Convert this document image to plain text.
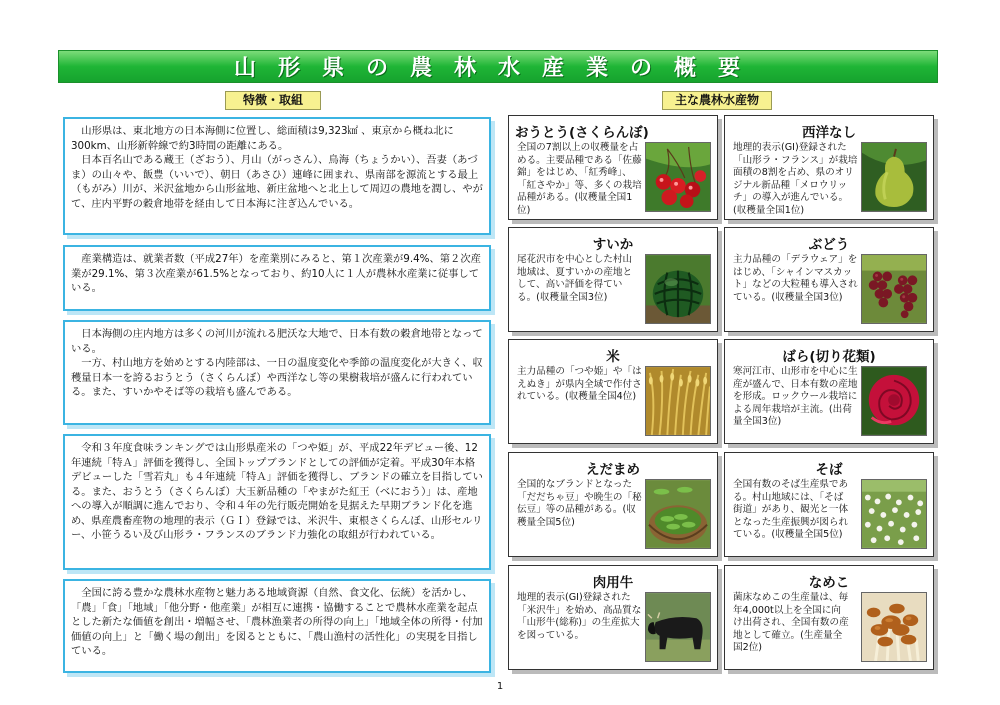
山形県の農林水産業の概要
特徴・取組	主な農林水産物

山形県は、東北地方の日本海側に位置し、総面積は9,323㎢ 、東京から概ね北に300km、山形新幹線で約3時間の距離にある。

日本百名山である蔵王（ざおう）、月山（がっさん）、鳥海（ちょうかい）、吾妻（あづま）の山々や、飯豊（いいで）、朝日（あさひ）連峰に囲まれ、県南部を源流とする最上（もがみ）川が、米沢盆地から山形盆地、新庄盆地へと北上して周辺の農地を潤し、やがて、庄内平野の穀倉地帯を経由して日本海に注ぎ込んでいる。

産業構造は、就業者数（平成27年）を産業別にみると、第１次産業が9.4%、第２次産業が29.1%、第３次産業が61.5%となっており、約10人に１人が農林水産業に従事している。

日本海側の庄内地方は多くの河川が流れる肥沃な大地で、日本有数の穀倉地帯となっている。

一方、村山地方を始めとする内陸部は、一日の温度変化や季節の温度変化が大きく、収穫量日本一を誇るおうとう（さくらんぼ）や西洋なし等の果樹栽培が盛んに行われている。また、すいかやそば等の栽培も盛んである。

令和３年度食味ランキングでは山形県産米の「つや姫」が、平成22年デビュー後、12年連続「特Ａ」評価を獲得し、全国トップブランドとしての評価が定着。平成30年本格デビューした「雪若丸」も４年連続「特Ａ」評価を獲得し、ブランドの確立を目指している。また、おうとう（さくらんぼ）大玉新品種の「やまがた紅王（べにおう）」は、産地への導入が順調に進んでおり、令和４年の先行販売開始を見据えた早期ブランド化を進め、県産農畜産物の地理的表示（ＧＩ）登録では、米沢牛、東根さくらんぼ、山形セルリー、小笹うるい及び山形ラ・フランスのブランド力強化の取組が行われている。

全国に誇る豊かな農林水産物と魅力ある地域資源（自然、食文化、伝統）を活かし、「農」「食」「地域」「他分野・他産業」が相互に連携・協働することで農林水産業を起点とした新たな価値を創出・増幅させ、「農林漁業者の所得の向上」「地域全体の所得・付加価値の向上」と「働く場の創出」を図るとともに、「農山漁村の活性化」の実現を目指している。

おうとう(さくらんぼ)
全国の7割以上の収穫量を占める。主要品種である「佐藤錦」をはじめ、「紅秀峰」、「紅さやか」等、多くの栽培品種がある。(収穫量全国1位)
西洋なし
地理的表示(GI)登録された「山形ラ・フランス」が栽培面積の8割を占め、県のオリジナル新品種「メロウリッチ」の導入が進んでいる。(収穫量全国1位)
すいか
尾花沢市を中心とした村山地域は、夏すいかの産地として、高い評価を得ている。(収穫量全国3位)
ぶどう
主力品種の「デラウェア」をはじめ、「シャインマスカット」などの大粒種も導入されている。(収穫量全国3位)
米
主力品種の「つや姫」や「はえぬき」が県内全域で作付されている。(収穫量全国4位)
ばら(切り花類)
寒河江市、山形市を中心に生産が盛んで、日本有数の産地を形成。ロックウール栽培による周年栽培が主流。(出荷量全国3位)
えだまめ
全国的なブランドとなった「だだちゃ豆」や晩生の「秘伝豆」等の品種がある。(収穫量全国5位)
そば
全国有数のそば生産県である。村山地域には、「そば街道」があり、観光と一体となった生産振興が図られている。(収穫量全国5位)
肉用牛
地理的表示(GI)登録された「米沢牛」を始め、高品質な「山形牛(総称)」の生産拡大を図っている。
なめこ
菌床なめこの生産量は、毎年4,000t以上を全国に向け出荷され、全国有数の産地として確立。(生産量全国2位)
1
